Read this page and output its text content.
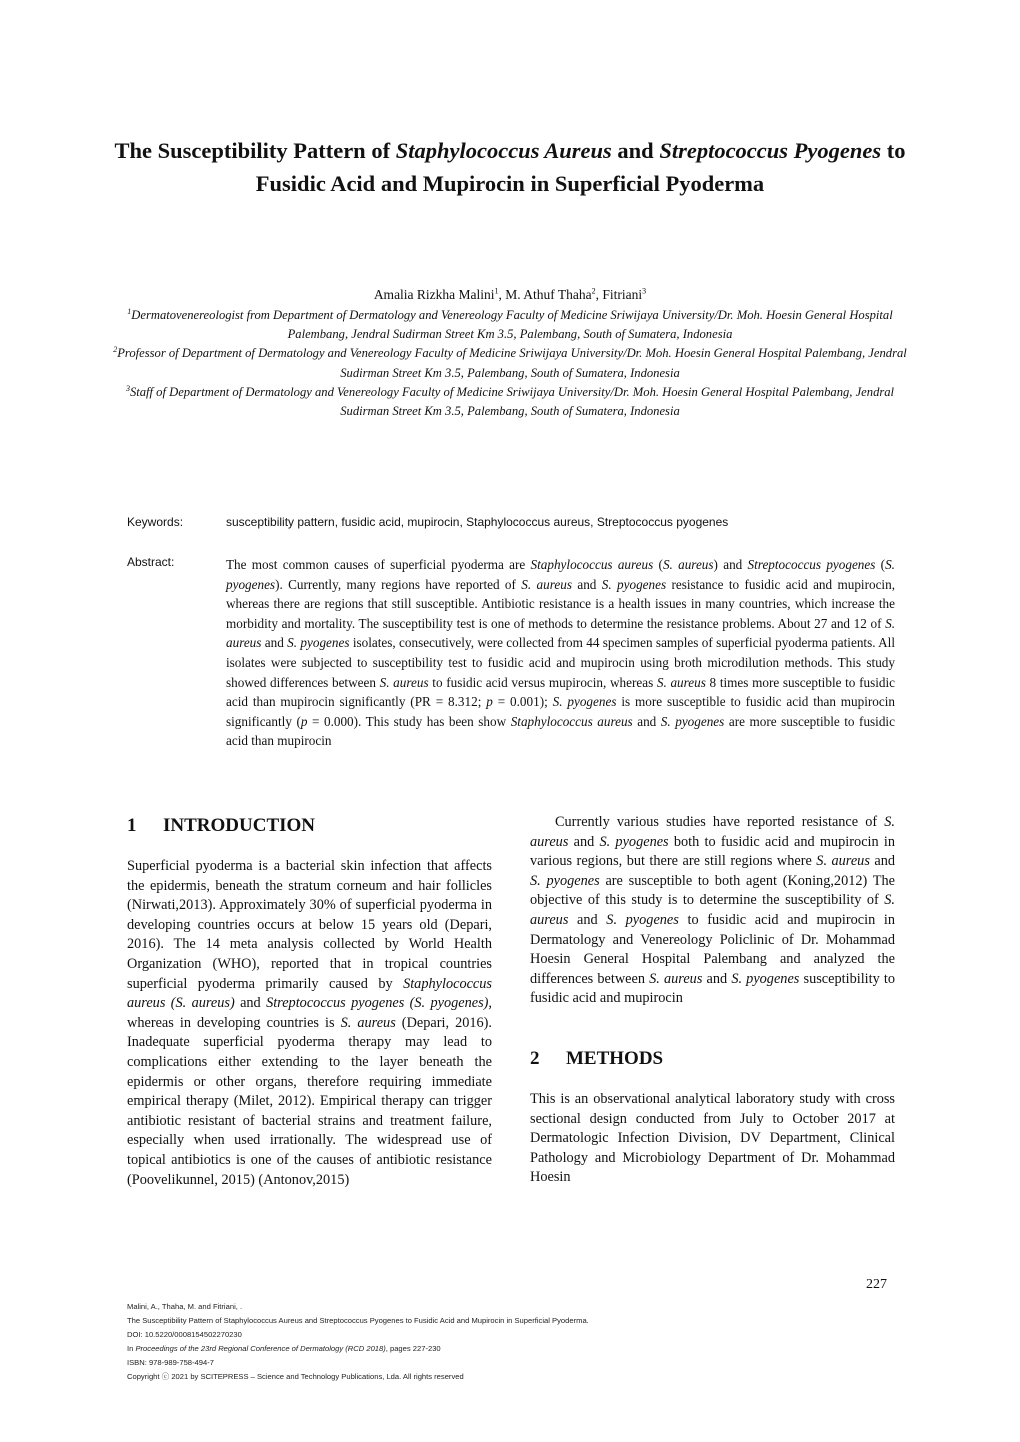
The Susceptibility Pattern of Staphylococcus Aureus and Streptococcus Pyogenes to Fusidic Acid and Mupirocin in Superficial Pyoderma
Amalia Rizkha Malini$^1$, M. Athuf Thaha$^2$, Fitriani$^3$
$^1$Dermatovenereologist from Department of Dermatology and Venereology Faculty of Medicine Sriwijaya University/Dr. Moh. Hoesin General Hospital Palembang, Jendral Sudirman Street Km 3.5, Palembang, South of Sumatera, Indonesia
$^2$Professor of Department of Dermatology and Venereology Faculty of Medicine Sriwijaya University/Dr. Moh. Hoesin General Hospital Palembang, Jendral Sudirman Street Km 3.5, Palembang, South of Sumatera, Indonesia
$^3$Staff of Department of Dermatology and Venereology Faculty of Medicine Sriwijaya University/Dr. Moh. Hoesin General Hospital Palembang, Jendral Sudirman Street Km 3.5, Palembang, South of Sumatera, Indonesia
Keywords:	susceptibility pattern, fusidic acid, mupirocin, Staphylococcus aureus, Streptococcus pyogenes
Abstract:	The most common causes of superficial pyoderma are Staphylococcus aureus (S. aureus) and Streptococcus pyogenes (S. pyogenes). Currently, many regions have reported of S. aureus and S. pyogenes resistance to fusidic acid and mupirocin, whereas there are regions that still susceptible. Antibiotic resistance is a health issues in many countries, which increase the morbidity and mortality. The susceptibility test is one of methods to determine the resistance problems. About 27 and 12 of S. aureus and S. pyogenes isolates, consecutively, were collected from 44 specimen samples of superficial pyoderma patients. All isolates were subjected to susceptibility test to fusidic acid and mupirocin using broth microdilution methods. This study showed differences between S. aureus to fusidic acid versus mupirocin, whereas S. aureus 8 times more susceptible to fusidic acid than mupirocin significantly (PR = 8.312; p = 0.001); S. pyogenes is more susceptible to fusidic acid than mupirocin significantly (p = 0.000). This study has been show Staphylococcus aureus and S. pyogenes are more susceptible to fusidic acid than mupirocin
1 INTRODUCTION
Superficial pyoderma is a bacterial skin infection that affects the epidermis, beneath the stratum corneum and hair follicles (Nirwati,2013). Approximately 30% of superficial pyoderma in developing countries occurs at below 15 years old (Depari, 2016). The 14 meta analysis collected by World Health Organization (WHO), reported that in tropical countries superficial pyoderma primarily caused by Staphylococcus aureus (S. aureus) and Streptococcus pyogenes (S. pyogenes), whereas in developing countries is S. aureus (Depari, 2016). Inadequate superficial pyoderma therapy may lead to complications either extending to the layer beneath the epidermis or other organs, therefore requiring immediate empirical therapy (Milet, 2012). Empirical therapy can trigger antibiotic resistant of bacterial strains and treatment failure, especially when used irrationally. The widespread use of topical antibiotics is one of the causes of antibiotic resistance (Poovelikunnel, 2015) (Antonov,2015)
Currently various studies have reported resistance of S. aureus and S. pyogenes both to fusidic acid and mupirocin in various regions, but there are still regions where S. aureus and S. pyogenes are susceptible to both agent (Koning,2012) The objective of this study is to determine the susceptibility of S. aureus and S. pyogenes to fusidic acid and mupirocin in Dermatology and Venereology Policlinic of Dr. Mohammad Hoesin General Hospital Palembang and analyzed the differences between S. aureus and S. pyogenes susceptibility to fusidic acid and mupirocin
2 METHODS
This is an observational analytical laboratory study with cross sectional design conducted from July to October 2017 at Dermatologic Infection Division, DV Department, Clinical Pathology and Microbiology Department of Dr. Mohammad Hoesin
227
Malini, A., Thaha, M. and Fitriani, .
The Susceptibility Pattern of Staphylococcus Aureus and Streptococcus Pyogenes to Fusidic Acid and Mupirocin in Superficial Pyoderma.
DOI: 10.5220/0008154502270230
In Proceedings of the 23rd Regional Conference of Dermatology (RCD 2018), pages 227-230
ISBN: 978-989-758-494-7
Copyright ⓒ 2021 by SCITEPRESS – Science and Technology Publications, Lda. All rights reserved
